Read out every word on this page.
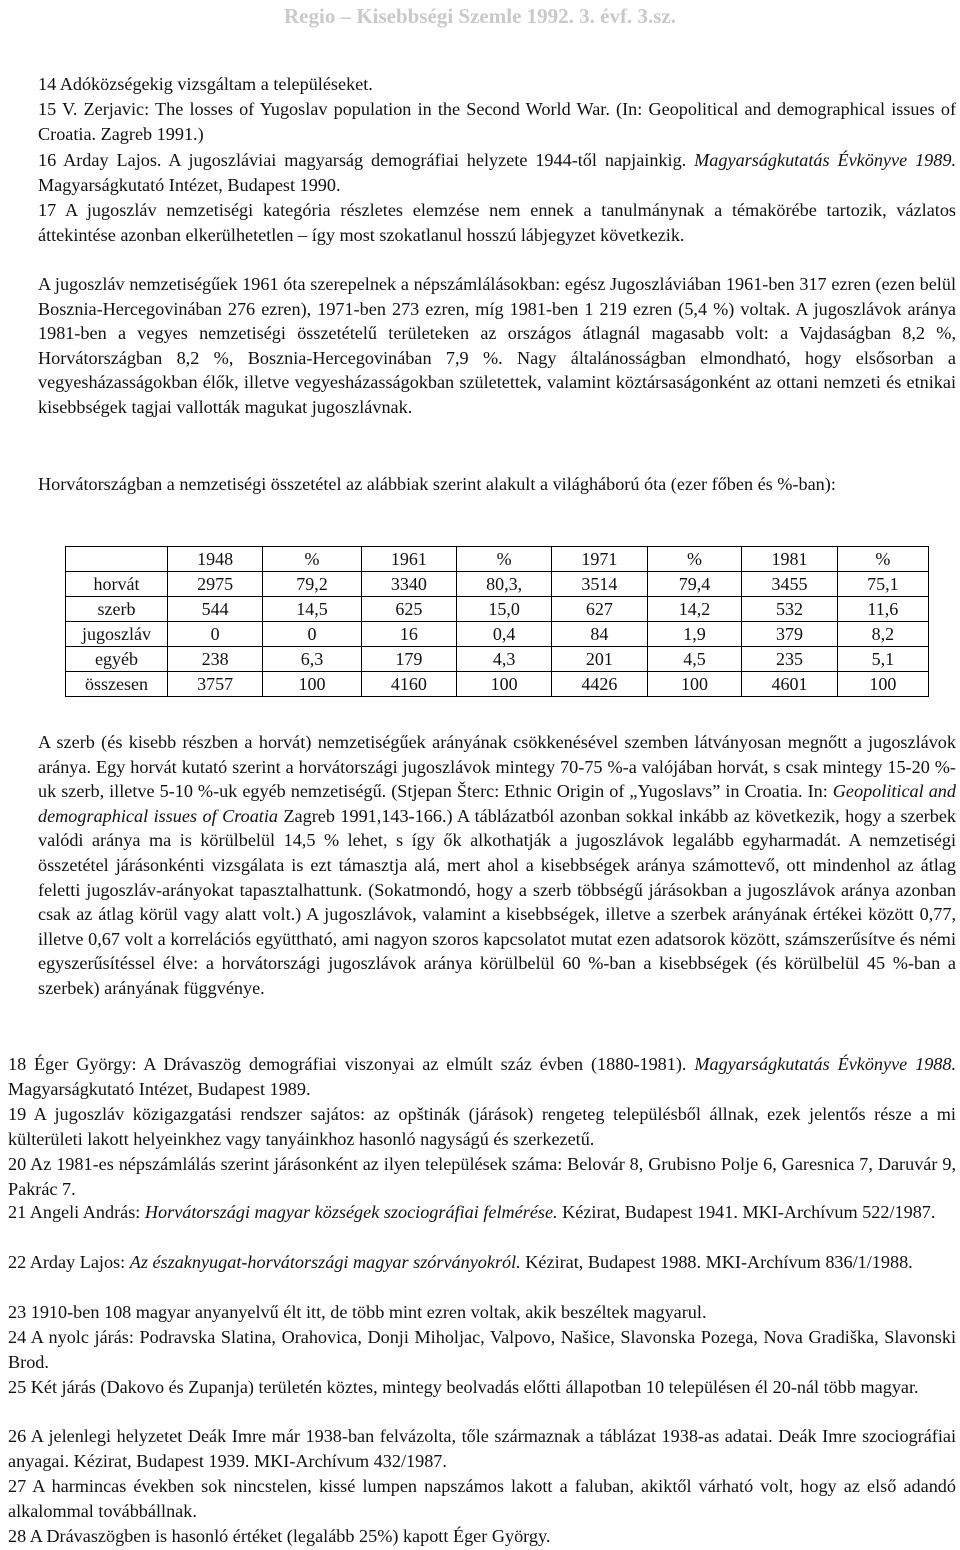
Regio – Kisebbségi Szemle 1992. 3. évf. 3.sz.
14 Adóközségekig vizsgáltam a településeket.
15 V. Zerjavic: The losses of Yugoslav population in the Second World War. (In: Geopolitical and demographical issues of Croatia. Zagreb 1991.)
16 Arday Lajos. A jugoszláviai magyarság demográfiai helyzete 1944-től napjainkig. Magyarságkutatás Évkönyve 1989. Magyarságkutató Intézet, Budapest 1990.
17 A jugoszláv nemzetiségi kategória részletes elemzése nem ennek a tanulmánynak a témakörébe tartozik, vázlatos áttekintése azonban elkerülhetetlen – így most szokatlanul hosszú lábjegyzet következik.
A jugoszláv nemzetiségűek 1961 óta szerepelnek a népszámlálásokban: egész Jugoszláviában 1961-ben 317 ezren (ezen belül Bosznia-Hercegovinában 276 ezren), 1971-ben 273 ezren, míg 1981-ben 1 219 ezren (5,4 %) voltak. A jugoszlávok aránya 1981-ben a vegyes nemzetiségi összetételű területeken az országos átlagnál magasabb volt: a Vajdaságban 8,2 %, Horvátországban 8,2 %, Bosznia-Hercegovinában 7,9 %. Nagy általánosságban elmondható, hogy elsősorban a vegyesházasságokban élők, illetve vegyesházasságokban születettek, valamint köztársaságonként az ottani nemzeti és etnikai kisebbségek tagjai vallották magukat jugoszlávnak.
Horvátországban a nemzetiségi összetétel az alábbiak szerint alakult a világháború óta (ezer főben és %-ban):
	1948	%	1961	%	1971	%	1981	%
horvát	2975	79,2	3340	80,3,	3514	79,4	3455	75,1
szerb	544	14,5	625	15,0	627	14,2	532	11,6
jugoszláv	0	0	16	0,4	84	1,9	379	8,2
egyéb	238	6,3	179	4,3	201	4,5	235	5,1
összesen	3757	100	4160	100	4426	100	4601	100
A szerb (és kisebb részben a horvát) nemzetiségűek arányának csökkenésével szemben látványosan megnőtt a jugoszlávok aránya. Egy horvát kutató szerint a horvátországi jugoszlávok mintegy 70-75 %-a valójában horvát, s csak mintegy 15-20 %-uk szerb, illetve 5-10 %-uk egyéb nemzetiségű. (Stjepan Šterc: Ethnic Origin of „Yugoslavs” in Croatia. In: Geopolitical and demographical issues of Croatia Zagreb 1991,143-166.) A táblázatból azonban sokkal inkább az következik, hogy a szerbek valódi aránya ma is körülbelül 14,5 % lehet, s így ők alkothatják a jugoszlávok legalább egyharmadát. A nemzetiségi összetétel járásonkénti vizsgálata is ezt támasztja alá, mert ahol a kisebbségek aránya számottevő, ott mindenhol az átlag feletti jugoszláv-arányokat tapasztalhattunk. (Sokatmondó, hogy a szerb többségű járásokban a jugoszlávok aránya azonban csak az átlag körül vagy alatt volt.) A jugoszlávok, valamint a kisebbségek, illetve a szerbek arányának értékei között 0,77, illetve 0,67 volt a korrelációs együttható, ami nagyon szoros kapcsolatot mutat ezen adatsorok között, számszerűsítve és némi egyszerűsítéssel élve: a horvátországi jugoszlávok aránya körülbelül 60 %-ban a kisebbségek (és körülbelül 45 %-ban a szerbek) arányának függvénye.
18 Éger György: A Drávaszög demográfiai viszonyai az elmúlt száz évben (1880-1981). Magyarságkutatás Évkönyve 1988. Magyarságkutató Intézet, Budapest 1989.
19 A jugoszláv közigazgatási rendszer sajátos: az opštinák (járások) rengeteg településből állnak, ezek jelentős része a mi külterületi lakott helyeinkhez vagy tanyáinkhoz hasonló nagyságú és szerkezetű.
20 Az 1981-es népszámlálás szerint járásonként az ilyen települések száma: Belovár 8, Grubisno Polje 6, Garesnica 7, Daruvár 9, Pakrác 7.
21 Angeli András: Horvátországi magyar községek szociográfiai felmérése. Kézirat, Budapest 1941. MKI-Archívum 522/1987.
22 Arday Lajos: Az északnyugat-horvátországi magyar szórványokról. Kézirat, Budapest 1988. MKI-Archívum 836/1/1988.
23 1910-ben 108 magyar anyanyelvű élt itt, de több mint ezren voltak, akik beszéltek magyarul.
24 A nyolc járás: Podravska Slatina, Orahovica, Donji Miholjac, Valpovo, Našice, Slavonska Pozega, Nova Gradiška, Slavonski Brod.
25 Két járás (Dakovo és Zupanja) területén köztes, mintegy beolvadás előtti állapotban 10 településen él 20-nál több magyar.
26 A jelenlegi helyzetet Deák Imre már 1938-ban felvázolta, tőle származnak a táblázat 1938-as adatai. Deák Imre szociográfiai anyagai. Kézirat, Budapest 1939. MKI-Archívum 432/1987.
27 A harmincas években sok nincstelen, kissé lumpen napszámos lakott a faluban, akiktől várható volt, hogy az első adandó alkalommal továbbállnak.
28 A Drávaszögben is hasonló értéket (legalább 25%) kapott Éger György.
